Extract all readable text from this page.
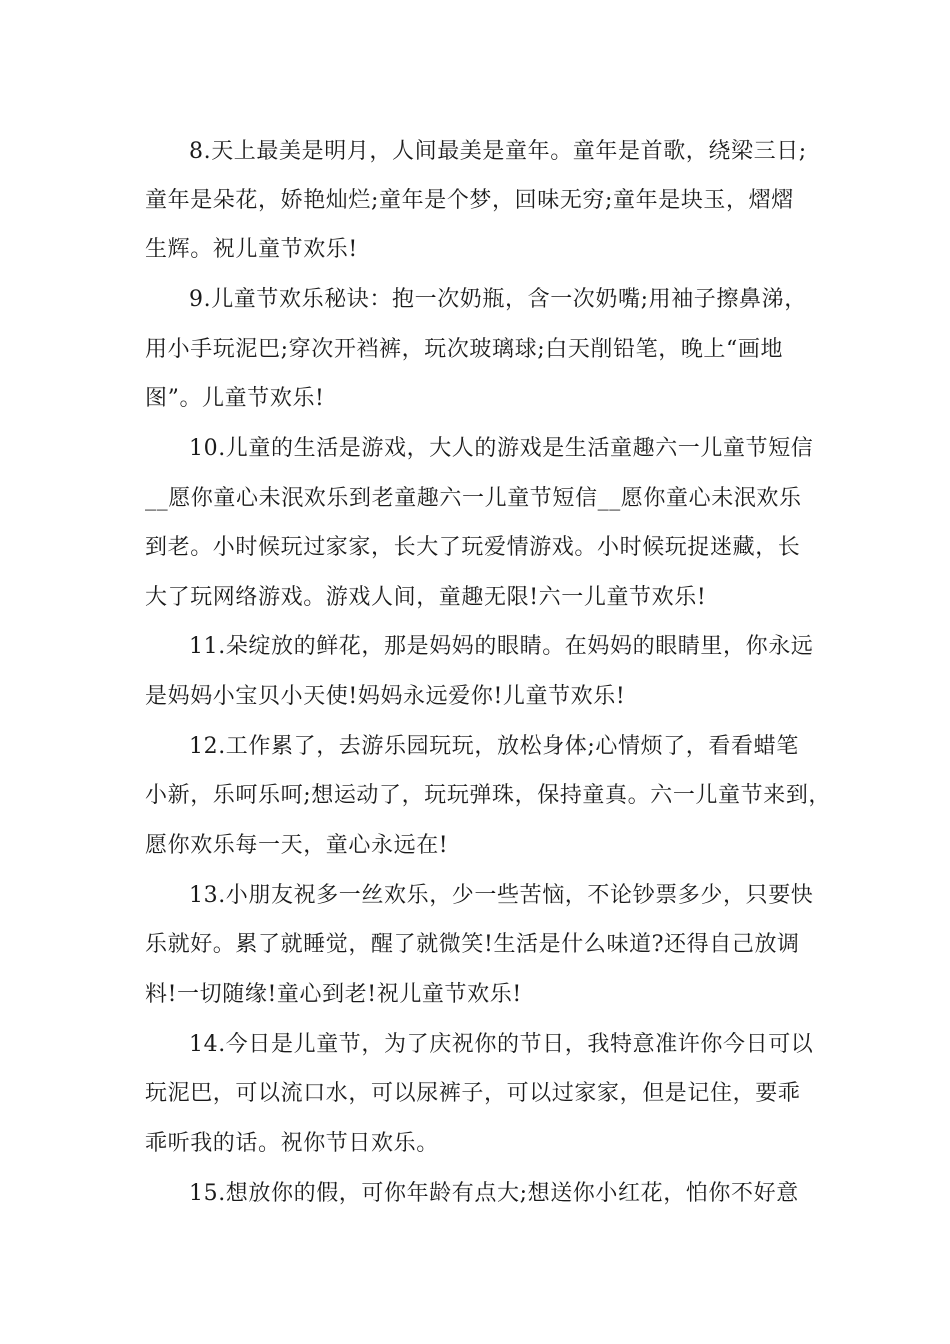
8.天上最美是明月，人间最美是童年。童年是首歌，绕梁三日;
童年是朵花，娇艳灿烂;童年是个梦，回味无穷;童年是块玉，熠熠
生辉。祝儿童节欢乐!
9.儿童节欢乐秘诀：抱一次奶瓶，含一次奶嘴;用袖子擦鼻涕，
用小手玩泥巴;穿次开裆裤，玩次玻璃球;白天削铅笔，晚上“画地
图”。儿童节欢乐!
10.儿童的生活是游戏，大人的游戏是生活童趣六一儿童节短信
__愿你童心未泯欢乐到老童趣六一儿童节短信__愿你童心未泯欢乐
到老。小时候玩过家家，长大了玩爱情游戏。小时候玩捉迷藏，长
大了玩网络游戏。游戏人间，童趣无限!六一儿童节欢乐!
11.朵绽放的鲜花，那是妈妈的眼睛。在妈妈的眼睛里，你永远
是妈妈小宝贝小天使!妈妈永远爱你!儿童节欢乐!
12.工作累了，去游乐园玩玩，放松身体;心情烦了，看看蜡笔
小新，乐呵乐呵;想运动了，玩玩弹珠，保持童真。六一儿童节来到，
愿你欢乐每一天，童心永远在!
13.小朋友祝多一丝欢乐，少一些苦恼，不论钞票多少，只要快
乐就好。累了就睡觉，醒了就微笑!生活是什么味道?还得自己放调
料!一切随缘!童心到老!祝儿童节欢乐!
14.今日是儿童节，为了庆祝你的节日，我特意准许你今日可以
玩泥巴，可以流口水，可以尿裤子，可以过家家，但是记住，要乖
乖听我的话。祝你节日欢乐。
15.想放你的假，可你年龄有点大;想送你小红花，怕你不好意
